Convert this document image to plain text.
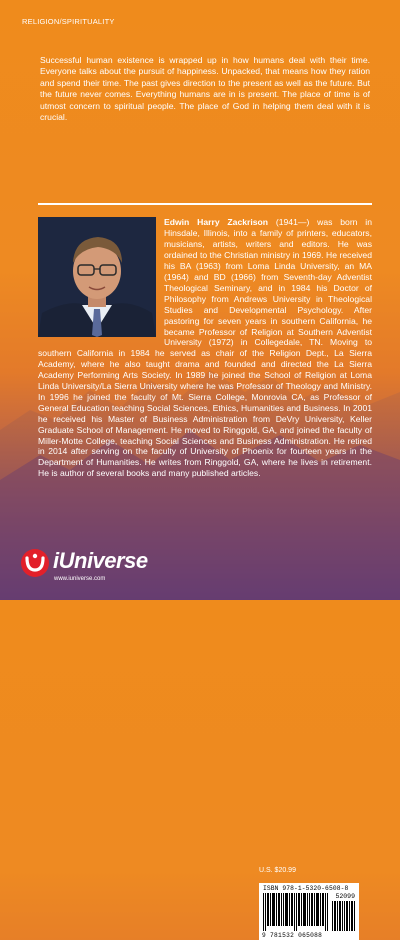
RELIGION/SPIRITUALITY
Successful human existence is wrapped up in how humans deal with their time. Everyone talks about the pursuit of happiness. Unpacked, that means how they ration and spend their time. The past gives direction to the present as well as the future. But the future never comes. Everything humans are in is present. The place of time is of utmost concern to spiritual people. The place of God in helping them deal with it is crucial.
Edwin Harry Zackrison (1941—) was born in Hinsdale, Illinois, into a family of printers, educators, musicians, artists, writers and editors. He was ordained to the Christian ministry in 1969. He received his BA (1963) from Loma Linda University, an MA (1964) and BD (1966) from Seventh-day Adventist Theological Seminary, and in 1984 his Doctor of Philosophy from Andrews University in Theological Studies and Developmental Psychology. After pastoring for seven years in southern California, he became Professor of Religion at Southern Adventist University (1972) in Collegedale, TN. Moving to southern California in 1984 he served as chair of the Religion Dept., La Sierra Academy, where he also taught drama and founded and directed the La Sierra Academy Performing Arts Society. In 1989 he joined the School of Religion at Loma Linda University/La Sierra University where he was Professor of Theology and Ministry. In 1996 he joined the faculty of Mt. Sierra College, Monrovia CA, as Professor of General Education teaching Social Sciences, Ethics, Humanities and Business. In 2001 he received his Master of Business Administration from DeVry University, Keller Graduate School of Management. He moved to Ringgold, GA, and joined the faculty of Miller-Motte College, teaching Social Sciences and Business Administration. He retired in 2014 after serving on the faculty of University of Phoenix for fourteen years in the Department of Humanities. He writes from Ringgold, GA, where he lives in retirement. He is author of several books and many published articles.
U.S. $20.99
ISBN 978-1-5320-6508-8
52099
9 781532 065088
iUniverse
www.iuniverse.com
